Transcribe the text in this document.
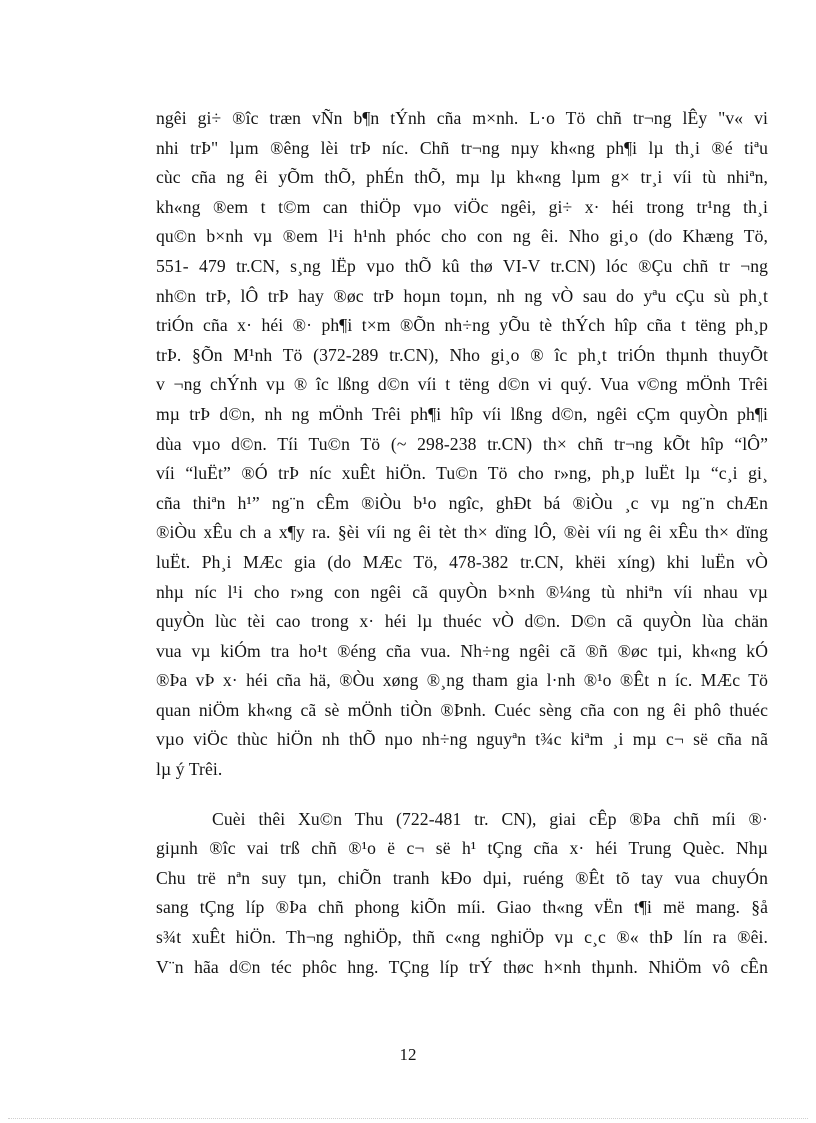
ngêi gi÷ ®îc træn vÑn b¶n tÝnh cña m×nh. L·o Tö chñ tr¬ng lÊy "v« vi
nhi trÞ" lµm ®êng lèi trÞ níc. Chñ tr¬ng nµy kh«ng ph¶i lµ th¸i ®é tiªu
cùc cña ng êi yÕm thÕ, phÉn thÕ, mµ lµ kh«ng lµm g× tr¸i víi tù nhiªn,
kh«ng ®em t t©m can thiÖp vµo viÖc ngêi, gi÷ x· héi trong tr¹ng th¸i
qu©n b×nh vµ ®em l¹i h¹nh phóc cho con ng êi. Nho gi¸o (do Khæng Tö,
551- 479 tr.CN, s¸ng lËp vµo thÕ kû thø VI-V tr.CN) lóc ®Çu chñ tr ¬ng
nh©n trÞ, lÔ trÞ hay ®øc trÞ hoµn toµn, nh ng vÒ sau do yªu cÇu sù ph¸t
triÓn cña x· héi ®· ph¶i t×m ®Õn nh÷ng yÕu tè thÝch hîp cña t tëng ph¸p
trÞ. §Õn M¹nh Tö (372-289 tr.CN), Nho gi¸o ® îc ph¸t triÓn thµnh thuyÕt
v ¬ng chÝnh vµ ® îc lßng d©n víi t tëng d©n vi quý. Vua v©ng mÖnh Trêi
mµ trÞ d©n, nh ng mÖnh Trêi ph¶i hîp víi lßng d©n, ngêi cÇm quyÒn ph¶i
dùa vµo d©n. Tíi Tu©n Tö (~ 298-238 tr.CN) th× chñ tr¬ng kÕt hîp “lÔ”
víi “luËt” ®Ó trÞ níc xuÊt hiÖn. Tu©n Tö cho r»ng, ph¸p luËt lµ “c¸i gi¸
cña thiªn h¹” ng¨n cÊm ®iÒu b¹o ngîc, ghÐt bá ®iÒu ¸c vµ ng¨n chÆn
®iÒu xÊu ch a x¶y ra. §èi víi ng êi tèt th× dïng lÔ, ®èi víi ng êi xÊu th× dïng
luËt. Ph¸i MÆc gia (do MÆc Tö, 478-382 tr.CN, khëi xíng) khi luËn vÒ
nhµ níc l¹i cho r»ng con ngêi cã quyÒn b×nh ®¼ng tù nhiªn víi nhau vµ
quyÒn lùc tèi cao trong x· héi lµ thuéc vÒ d©n. D©n cã quyÒn lùa chän
vua vµ kiÓm tra ho¹t ®éng cña vua. Nh÷ng ngêi cã ®ñ ®øc tµi, kh«ng kÓ
®Þa vÞ x· héi cña hä, ®Òu xøng ®¸ng tham gia l·nh ®¹o ®Êt n íc. MÆc Tö
quan niÖm kh«ng cã sè mÖnh tiÒn ®Þnh. Cuéc sèng cña con ng êi phô thuéc
vµo viÖc thùc hiÖn nh thÕ nµo nh÷ng nguyªn t¾c kiªm ¸i mµ c¬ së cña nã
lµ ý Trêi.
Cuèi thêi Xu©n Thu (722-481 tr. CN), giai cÊp ®Þa chñ míi ®·
giµnh ®îc vai trß chñ ®¹o ë c¬ së h¹ tÇng cña x· héi Trung Quèc. Nhµ
Chu trë nªn suy tµn, chiÕn tranh kÐo dµi, ruéng ®Êt tõ tay vua chuyÓn
sang tÇng líp ®Þa chñ phong kiÕn míi. Giao th«ng vËn t¶i më mang. §å
s¾t xuÊt hiÖn. Th¬ng nghiÖp, thñ c«ng nghiÖp vµ c¸c ®« thÞ lín ra ®êi.
V¨n hãa d©n téc phôc hng. TÇng líp trÝ thøc h×nh thµnh. NhiÖm vô cÊn
12
